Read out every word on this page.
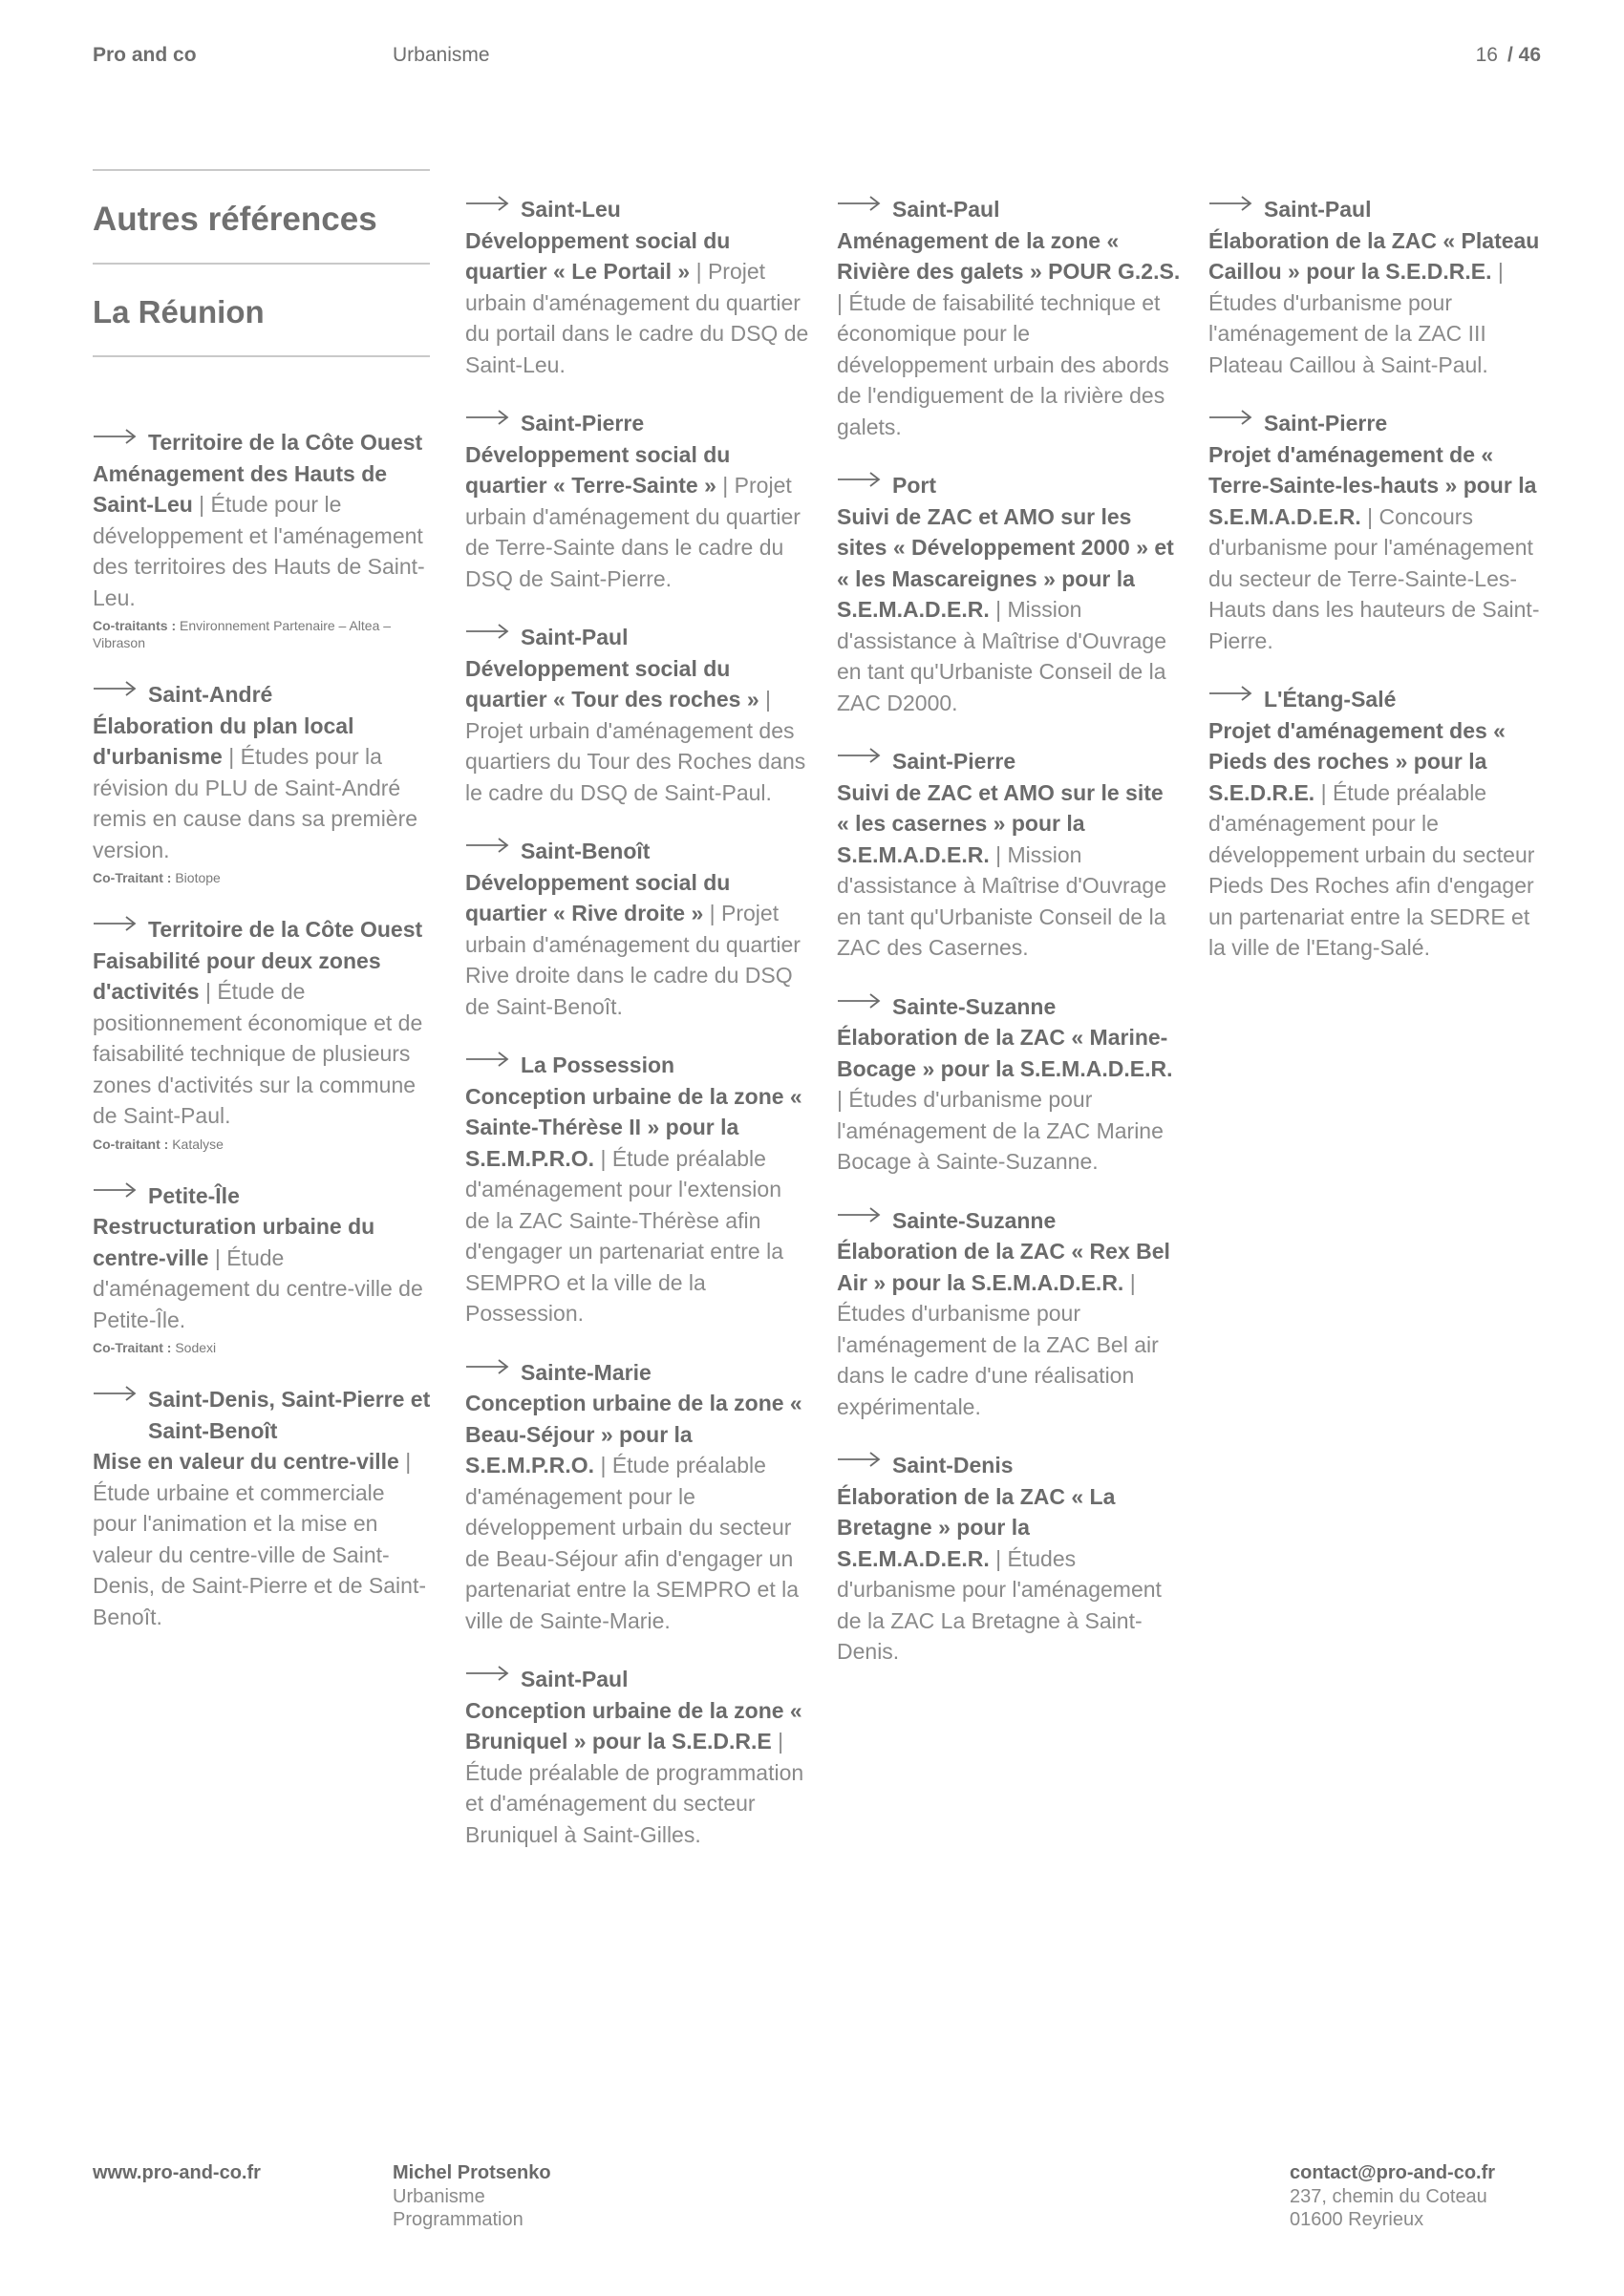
Pro and co	Urbanisme	16 / 46
Autres références
La Réunion
Territoire de la Côte Ouest
Aménagement des Hauts de Saint-Leu | Étude pour le développement et l'aménagement des territoires des Hauts de Saint-Leu.
Co-traitants : Environnement Partenaire – Altea – Vibrason
Saint-André
Élaboration du plan local d'urbanisme | Études pour la révision du PLU de Saint-André remis en cause dans sa première version.
Co-Traitant : Biotope
Territoire de la Côte Ouest
Faisabilité pour deux zones d'activités | Étude de positionnement économique et de faisabilité technique de plusieurs zones d'activités sur la commune de Saint-Paul.
Co-traitant : Katalyse
Petite-Île
Restructuration urbaine du centre-ville | Étude d'aménagement du centre-ville de Petite-Île.
Co-Traitant : Sodexi
Saint-Denis, Saint-Pierre et Saint-Benoît
Mise en valeur du centre-ville | Étude urbaine et commerciale pour l'animation et la mise en valeur du centre-ville de Saint-Denis, de Saint-Pierre et de Saint-Benoît.
Saint-Leu
Développement social du quartier « Le Portail » | Projet urbain d'aménagement du quartier du portail dans le cadre du DSQ de Saint-Leu.
Saint-Pierre
Développement social du quartier « Terre-Sainte » | Projet urbain d'aménagement du quartier de Terre-Sainte dans le cadre du DSQ de Saint-Pierre.
Saint-Paul
Développement social du quartier « Tour des roches » | Projet urbain d'aménagement des quartiers du Tour des Roches dans le cadre du DSQ de Saint-Paul.
Saint-Benoît
Développement social du quartier « Rive droite » | Projet urbain d'aménagement du quartier Rive droite dans le cadre du DSQ de Saint-Benoît.
La Possession
Conception urbaine de la zone « Sainte-Thérèse II » pour la S.E.M.P.R.O. | Étude préalable d'aménagement pour l'extension de la ZAC Sainte-Thérèse afin d'engager un partenariat entre la SEMPRO et la ville de la Possession.
Sainte-Marie
Conception urbaine de la zone « Beau-Séjour » pour la S.E.M.P.R.O. | Étude préalable d'aménagement pour le développement urbain du secteur de Beau-Séjour afin d'engager un partenariat entre la SEMPRO et la ville de Sainte-Marie.
Saint-Paul
Conception urbaine de la zone « Bruniquel » pour la S.E.D.R.E | Étude préalable de programmation et d'aménagement du secteur Bruniquel à Saint-Gilles.
Saint-Paul
Aménagement de la zone « Rivière des galets » POUR G.2.S. | Étude de faisabilité technique et économique pour le développement urbain des abords de l'endiguement de la rivière des galets.
Port
Suivi de ZAC et AMO sur les sites « Développement 2000 » et « les Mascareignes » pour la S.E.M.A.D.E.R. | Mission d'assistance à Maîtrise d'Ouvrage en tant qu'Urbaniste Conseil de la ZAC D2000.
Saint-Pierre
Suivi de ZAC et AMO sur le site « les casernes » pour la S.E.M.A.D.E.R. | Mission d'assistance à Maîtrise d'Ouvrage en tant qu'Urbaniste Conseil de la ZAC des Casernes.
Sainte-Suzanne
Élaboration de la ZAC « Marine-Bocage » pour la S.E.M.A.D.E.R. | Études d'urbanisme pour l'aménagement de la ZAC Marine Bocage à Sainte-Suzanne.
Sainte-Suzanne
Élaboration de la ZAC « Rex Bel Air » pour la S.E.M.A.D.E.R. | Études d'urbanisme pour l'aménagement de la ZAC Bel air dans le cadre d'une réalisation expérimentale.
Saint-Denis
Élaboration de la ZAC « La Bretagne » pour la S.E.M.A.D.E.R. | Études d'urbanisme pour l'aménagement de la ZAC La Bretagne à Saint-Denis.
Saint-Paul
Élaboration de la ZAC « Plateau Caillou » pour la S.E.D.R.E. | Études d'urbanisme pour l'aménagement de la ZAC III Plateau Caillou à Saint-Paul.
Saint-Pierre
Projet d'aménagement de « Terre-Sainte-les-hauts » pour la S.E.M.A.D.E.R. | Concours d'urbanisme pour l'aménagement du secteur de Terre-Sainte-Les-Hauts dans les hauteurs de Saint-Pierre.
L'Étang-Salé
Projet d'aménagement des « Pieds des roches » pour la S.E.D.R.E. | Étude préalable d'aménagement pour le développement urbain du secteur Pieds Des Roches afin d'engager un partenariat entre la SEDRE et la ville de l'Etang-Salé.
www.pro-and-co.fr	Michel Protsenko
Urbanisme
Programmation
contact@pro-and-co.fr
237, chemin du Coteau
01600 Reyrieux
